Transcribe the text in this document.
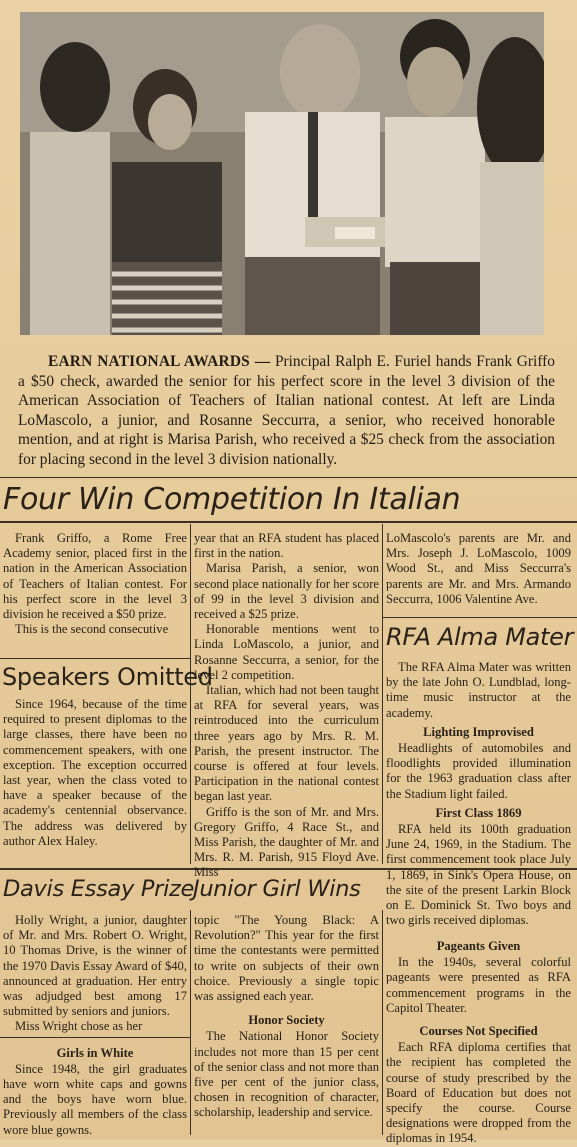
EARN NATIONAL AWARDS — Principal Ralph E. Furiel hands Frank Griffo a $50 check, awarded the senior for his perfect score in the level 3 division of the American Association of Teachers of Italian national contest. At left are Linda LoMascolo, a junior, and Rosanne Seccurra, a senior, who received honorable mention, and at right is Marisa Parish, who received a $25 check from the association for placing second in the level 3 division nationally.
Four Win Competition In Italian

Frank Griffo, a Rome Free Academy senior, placed first in the nation in the American Association of Teachers of Italian contest. For his perfect score in the level 3 division he received a $50 prize.

This is the second consecutive

year that an RFA student has placed first in the nation.

Marisa Parish, a senior, won second place nationally for her score of 99 in the level 3 division and received a $25 prize.

Honorable mentions went to Linda LoMascolo, a junior, and Rosanne Seccurra, a senior, for the level 2 competition.

Italian, which had not been taught at RFA for several years, was reintroduced into the curriculum three years ago by Mrs. R. M. Parish, the present instructor. The course is offered at four levels. Participation in the national contest began last year.

Griffo is the son of Mr. and Mrs. Gregory Griffo, 4 Race St., and Miss Parish, the daughter of Mr. and Mrs. R. M. Parish, 915 Floyd Ave. Miss

LoMascolo's parents are Mr. and Mrs. Joseph J. LoMascolo, 1009 Wood St., and Miss Seccurra's parents are Mr. and Mrs. Armando Seccurra, 1006 Valentine Ave.

Speakers Omitted

Since 1964, because of the time required to present diplomas to the large classes, there have been no commencement speakers, with one exception. The exception occurred last year, when the class voted to have a speaker because of the academy's centennial observance. The address was delivered by author Alex Haley.

RFA Alma Mater

The RFA Alma Mater was written by the late John O. Lundblad, long-time music instructor at the academy.

Lighting Improvised

Headlights of automobiles and floodlights provided illumination for the 1963 graduation class after the Stadium light failed.

First Class 1869

RFA held its 100th graduation June 24, 1969, in the Stadium. The first commencement took place July 1, 1869, in Sink's Opera House, on the site of the present Larkin Block on E. Dominick St. Two boys and two girls received diplomas.

Davis Essay Prize
Junior Girl Wins

Holly Wright, a junior, daughter of Mr. and Mrs. Robert O. Wright, 10 Thomas Drive, is the winner of the 1970 Davis Essay Award of $40, announced at graduation. Her entry was adjudged best among 17 submitted by seniors and juniors.

Miss Wright chose as her

Girls in White

Since 1948, the girl graduates have worn white caps and gowns and the boys have worn blue. Previously all members of the class wore blue gowns.

topic "The Young Black: A Revolution?" This year for the first time the contestants were permitted to write on subjects of their own choice. Previously a single topic was assigned each year.

Honor Society

The National Honor Society includes not more than 15 per cent of the senior class and not more than five per cent of the junior class, chosen in recognition of character, scholarship, leadership and service.

Pageants Given

In the 1940s, several colorful pageants were presented as RFA commencement programs in the Capitol Theater.

Courses Not Specified

Each RFA diploma certifies that the recipient has completed the course of study prescribed by the Board of Education but does not specify the course. Course designations were dropped from the diplomas in 1954.
